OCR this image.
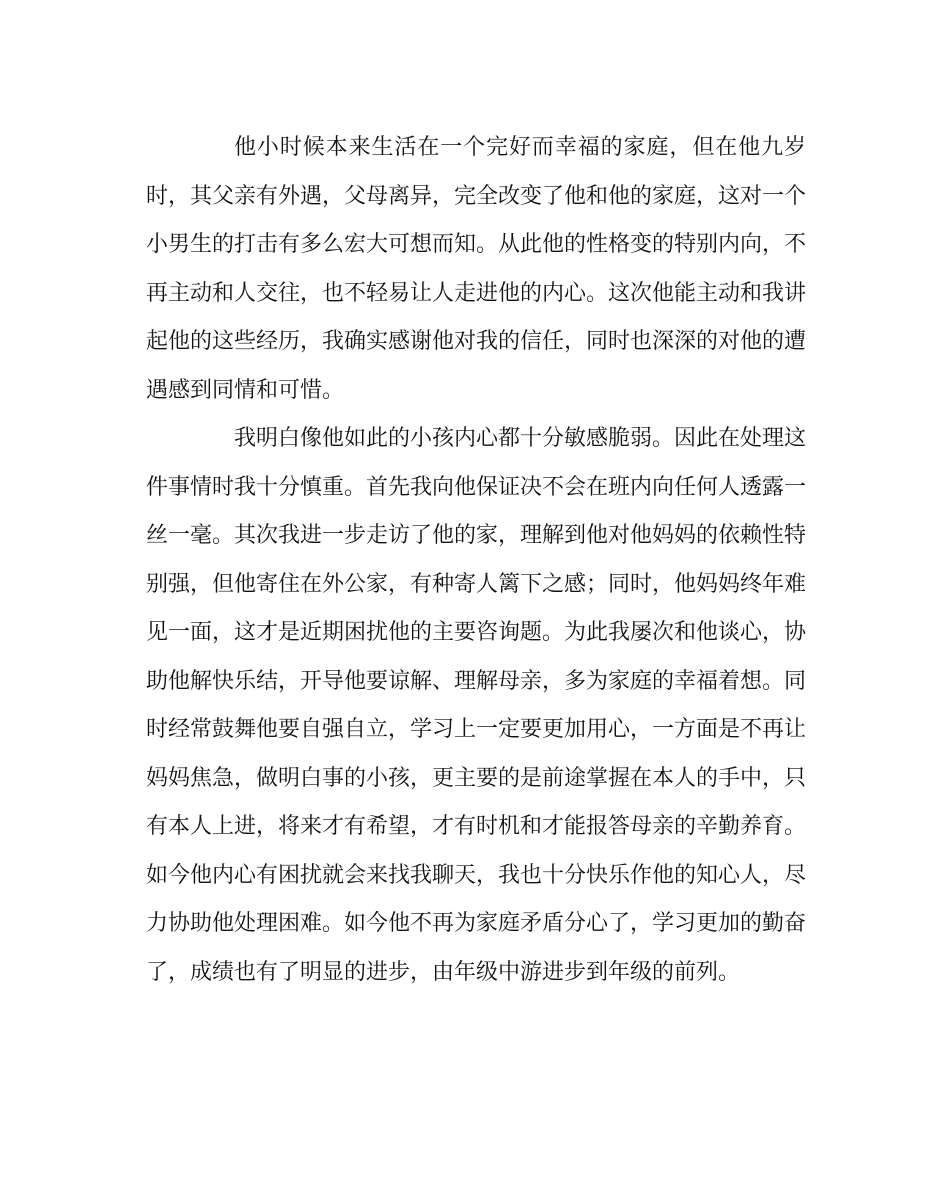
他小时候本来生活在一个完好而幸福的家庭，但在他九岁
时，其父亲有外遇，父母离异，完全改变了他和他的家庭，这对一个
小男生的打击有多么宏大可想而知。从此他的性格变的特别内向，不
再主动和人交往，也不轻易让人走进他的内心。这次他能主动和我讲
起他的这些经历，我确实感谢他对我的信任，同时也深深的对他的遭
遇感到同情和可惜。
我明白像他如此的小孩内心都十分敏感脆弱。因此在处理这
件事情时我十分慎重。首先我向他保证决不会在班内向任何人透露一
丝一毫。其次我进一步走访了他的家，理解到他对他妈妈的依赖性特
别强，但他寄住在外公家，有种寄人篱下之感；同时，他妈妈终年难
见一面，这才是近期困扰他的主要咨询题。为此我屡次和他谈心，协
助他解快乐结，开导他要谅解、理解母亲，多为家庭的幸福着想。同
时经常鼓舞他要自强自立，学习上一定要更加用心，一方面是不再让
妈妈焦急，做明白事的小孩，更主要的是前途掌握在本人的手中，只
有本人上进，将来才有希望，才有时机和才能报答母亲的辛勤养育。
如今他内心有困扰就会来找我聊天，我也十分快乐作他的知心人，尽
力协助他处理困难。如今他不再为家庭矛盾分心了，学习更加的勤奋
了，成绩也有了明显的进步，由年级中游进步到年级的前列。
